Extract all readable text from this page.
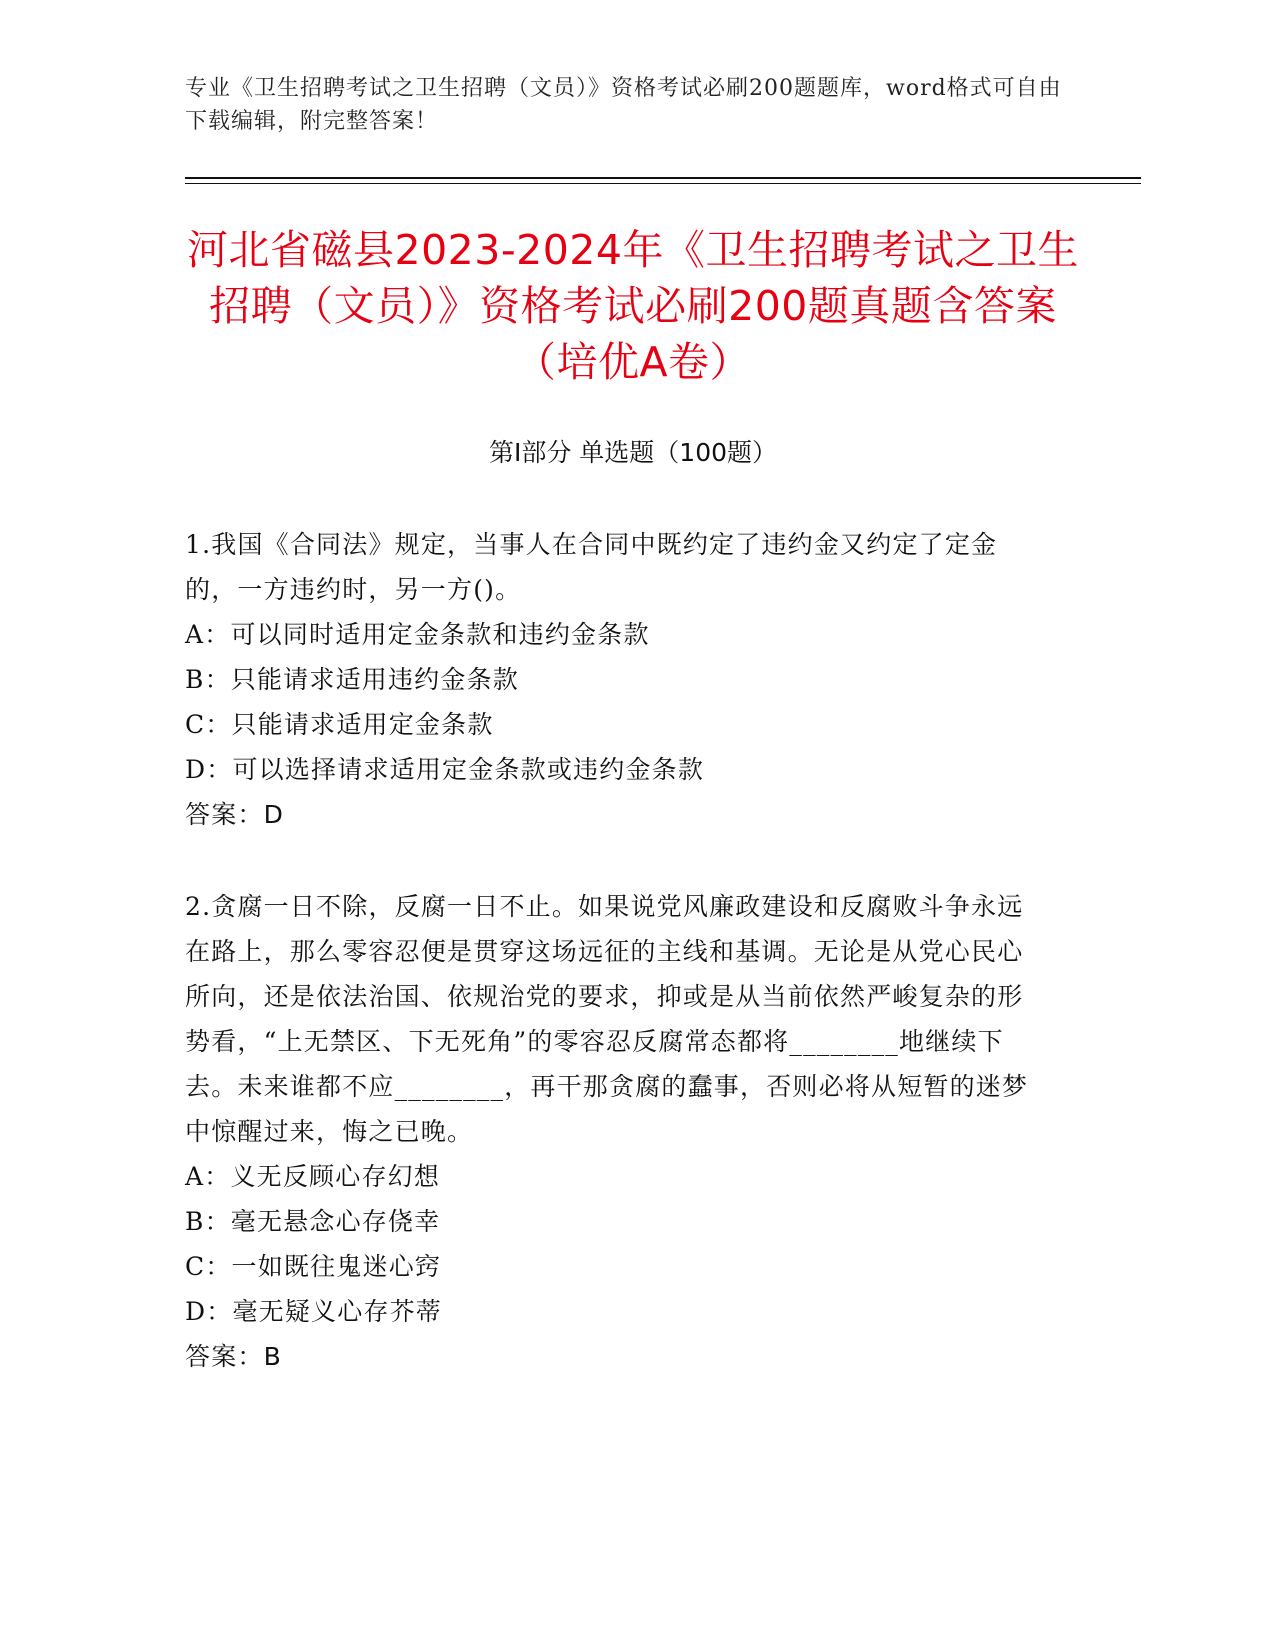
专业《卫生招聘考试之卫生招聘（文员）》资格考试必刷200题题库，word格式可自由下载编辑，附完整答案！
河北省磁县2023-2024年《卫生招聘考试之卫生招聘（文员）》资格考试必刷200题真题含答案（培优A卷）
第I部分 单选题（100题）

1.我国《合同法》规定，当事人在合同中既约定了违约金又约定了定金的，一方违约时，另一方()。

A：可以同时适用定金条款和违约金条款

B：只能请求适用违约金条款

C：只能请求适用定金条款

D：可以选择请求适用定金条款或违约金条款

答案：D

2.贪腐一日不除，反腐一日不止。如果说党风廉政建设和反腐败斗争永远在路上，那么零容忍便是贯穿这场远征的主线和基调。无论是从党心民心所向，还是依法治国、依规治党的要求，抑或是从当前依然严峻复杂的形势看，“上无禁区、下无死角”的零容忍反腐常态都将________地继续下去。未来谁都不应________，再干那贪腐的蠢事，否则必将从短暂的迷梦中惊醒过来，悔之已晚。

A：义无反顾心存幻想

B：毫无悬念心存侥幸

C：一如既往鬼迷心窍

D：毫无疑义心存芥蒂

答案：B
